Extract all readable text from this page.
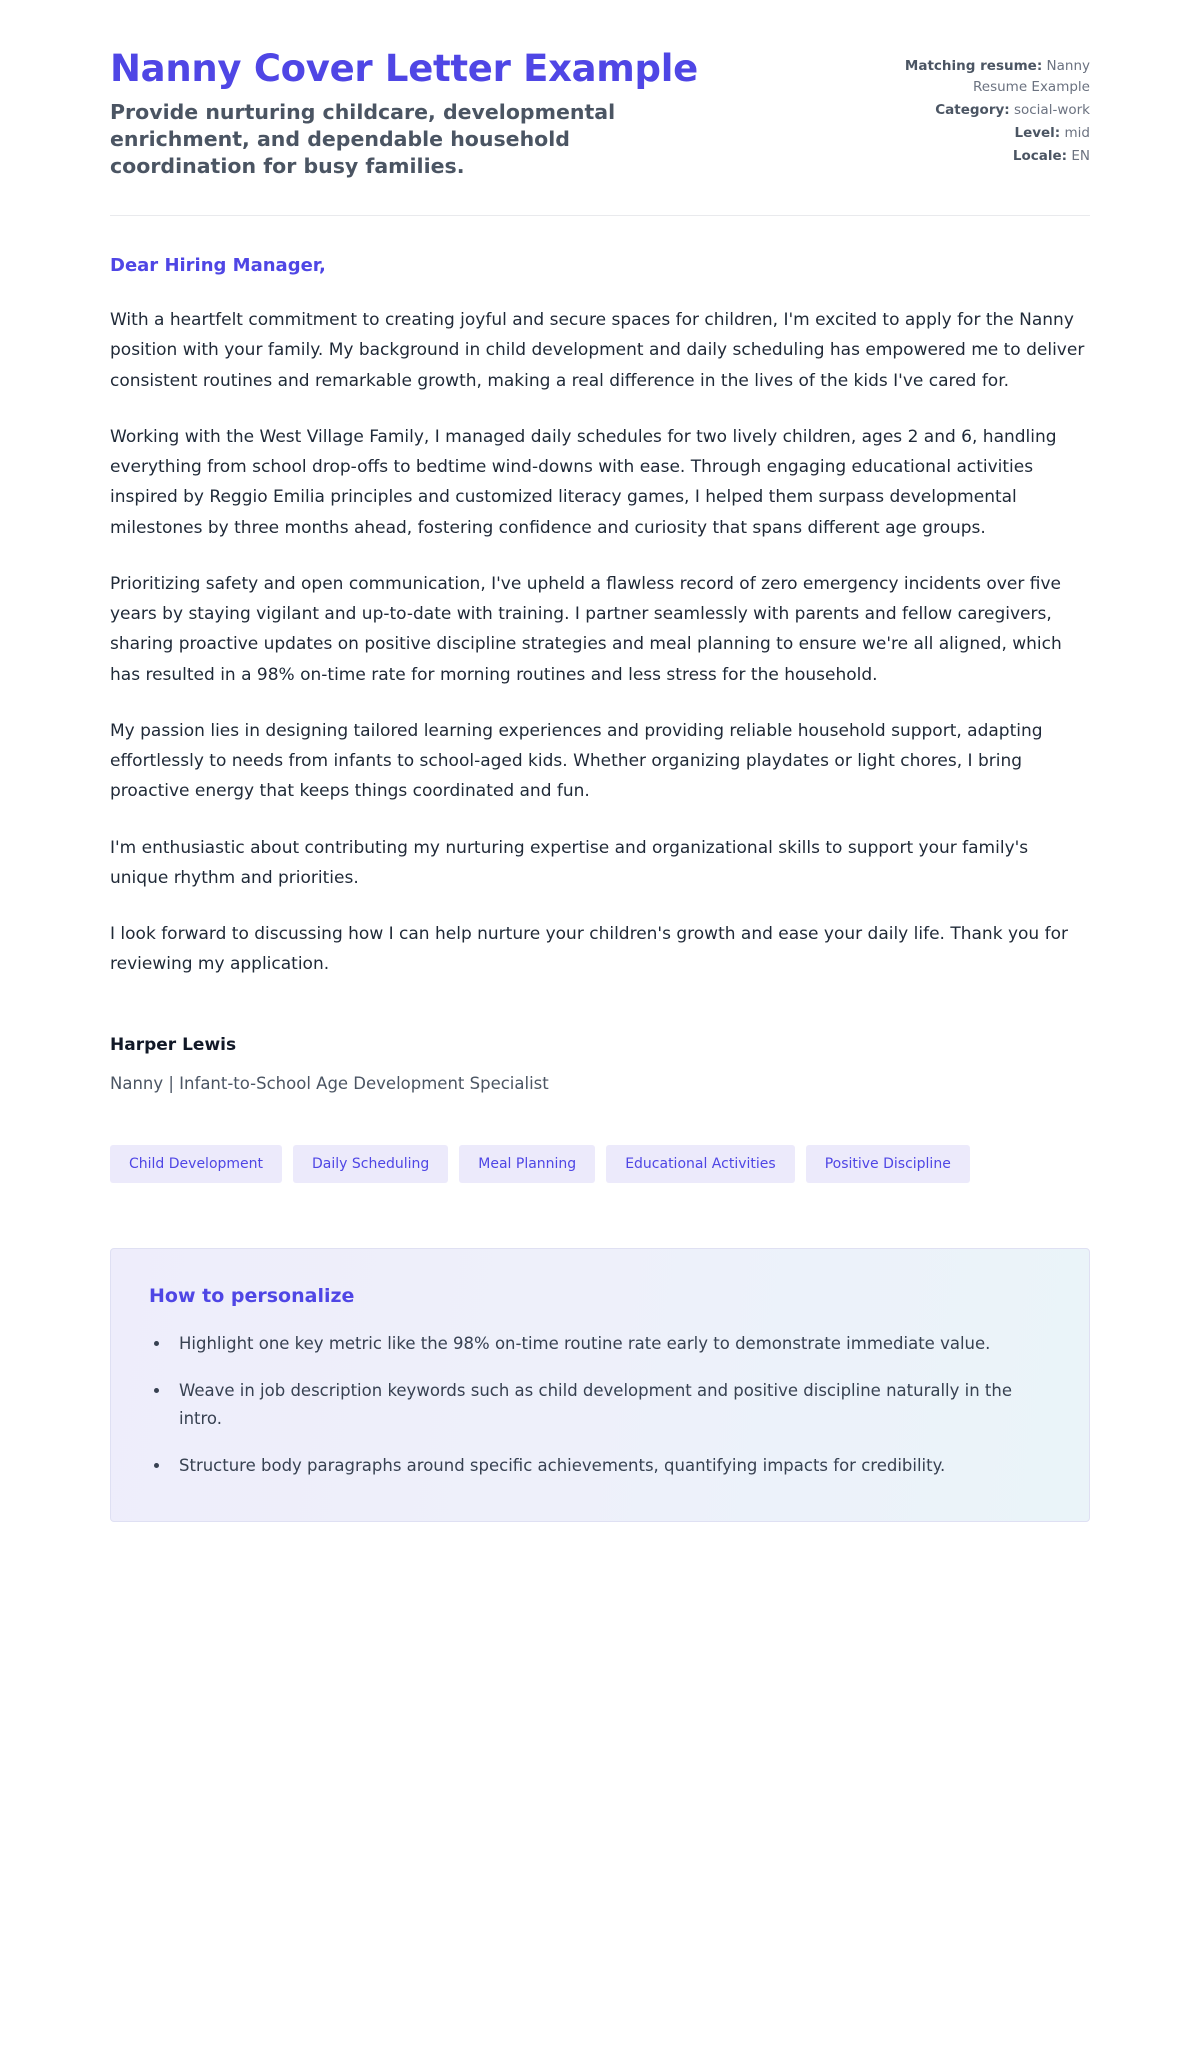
Nanny Cover Letter Example

Provide nurturing childcare, developmental enrichment, and dependable household coordination for busy families.

Matching resume: Nanny Resume Example
Category: social-work
Level: mid
Locale: EN

Dear Hiring Manager,

With a heartfelt commitment to creating joyful and secure spaces for children, I'm excited to apply for the Nanny position with your family. My background in child development and daily scheduling has empowered me to deliver consistent routines and remarkable growth, making a real difference in the lives of the kids I've cared for.

Working with the West Village Family, I managed daily schedules for two lively children, ages 2 and 6, handling everything from school drop-offs to bedtime wind-downs with ease. Through engaging educational activities inspired by Reggio Emilia principles and customized literacy games, I helped them surpass developmental milestones by three months ahead, fostering confidence and curiosity that spans different age groups.

Prioritizing safety and open communication, I've upheld a flawless record of zero emergency incidents over five years by staying vigilant and up-to-date with training. I partner seamlessly with parents and fellow caregivers, sharing proactive updates on positive discipline strategies and meal planning to ensure we're all aligned, which has resulted in a 98% on-time rate for morning routines and less stress for the household.

My passion lies in designing tailored learning experiences and providing reliable household support, adapting effortlessly to needs from infants to school-aged kids. Whether organizing playdates or light chores, I bring proactive energy that keeps things coordinated and fun.

I'm enthusiastic about contributing my nurturing expertise and organizational skills to support your family's unique rhythm and priorities.

I look forward to discussing how I can help nurture your children's growth and ease your daily life. Thank you for reviewing my application.

Harper Lewis

Nanny | Infant-to-School Age Development Specialist

Child Development	Daily Scheduling	Meal Planning	Educational Activities	Positive Discipline
How to personalize
• Highlight one key metric like the 98% on-time routine rate early to demonstrate immediate value.
• Weave in job description keywords such as child development and positive discipline naturally in the intro.
• Structure body paragraphs around specific achievements, quantifying impacts for credibility.
